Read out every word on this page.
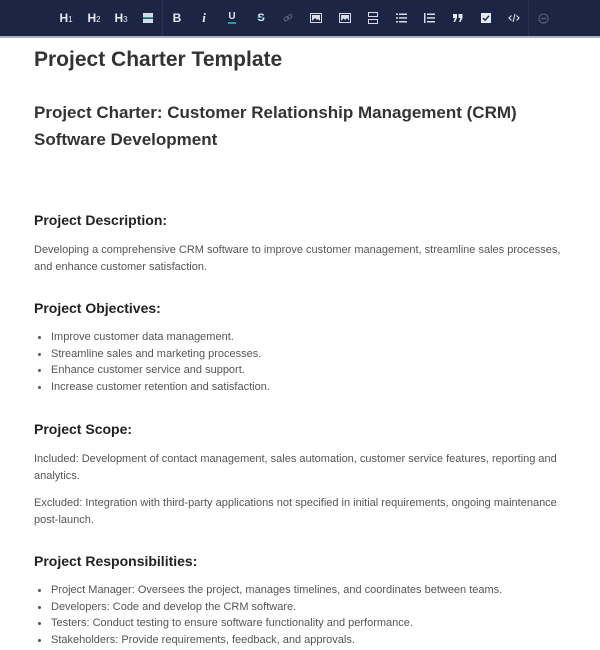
H1 H2 H3	B i U S
Project Charter Template
Project Charter: Customer Relationship Management (CRM) Software Development
Project Description:

Developing a comprehensive CRM software to improve customer management, streamline sales processes, and enhance customer satisfaction.

Project Objectives:
Improve customer data management.
Streamline sales and marketing processes.
Enhance customer service and support.
Increase customer retention and satisfaction.
Project Scope:

Included: Development of contact management, sales automation, customer service features, reporting and analytics.

Excluded: Integration with third-party applications not specified in initial requirements, ongoing maintenance post-launch.

Project Responsibilities:
Project Manager: Oversees the project, manages timelines, and coordinates between teams.
Developers: Code and develop the CRM software.
Testers: Conduct testing to ensure software functionality and performance.
Stakeholders: Provide requirements, feedback, and approvals.
